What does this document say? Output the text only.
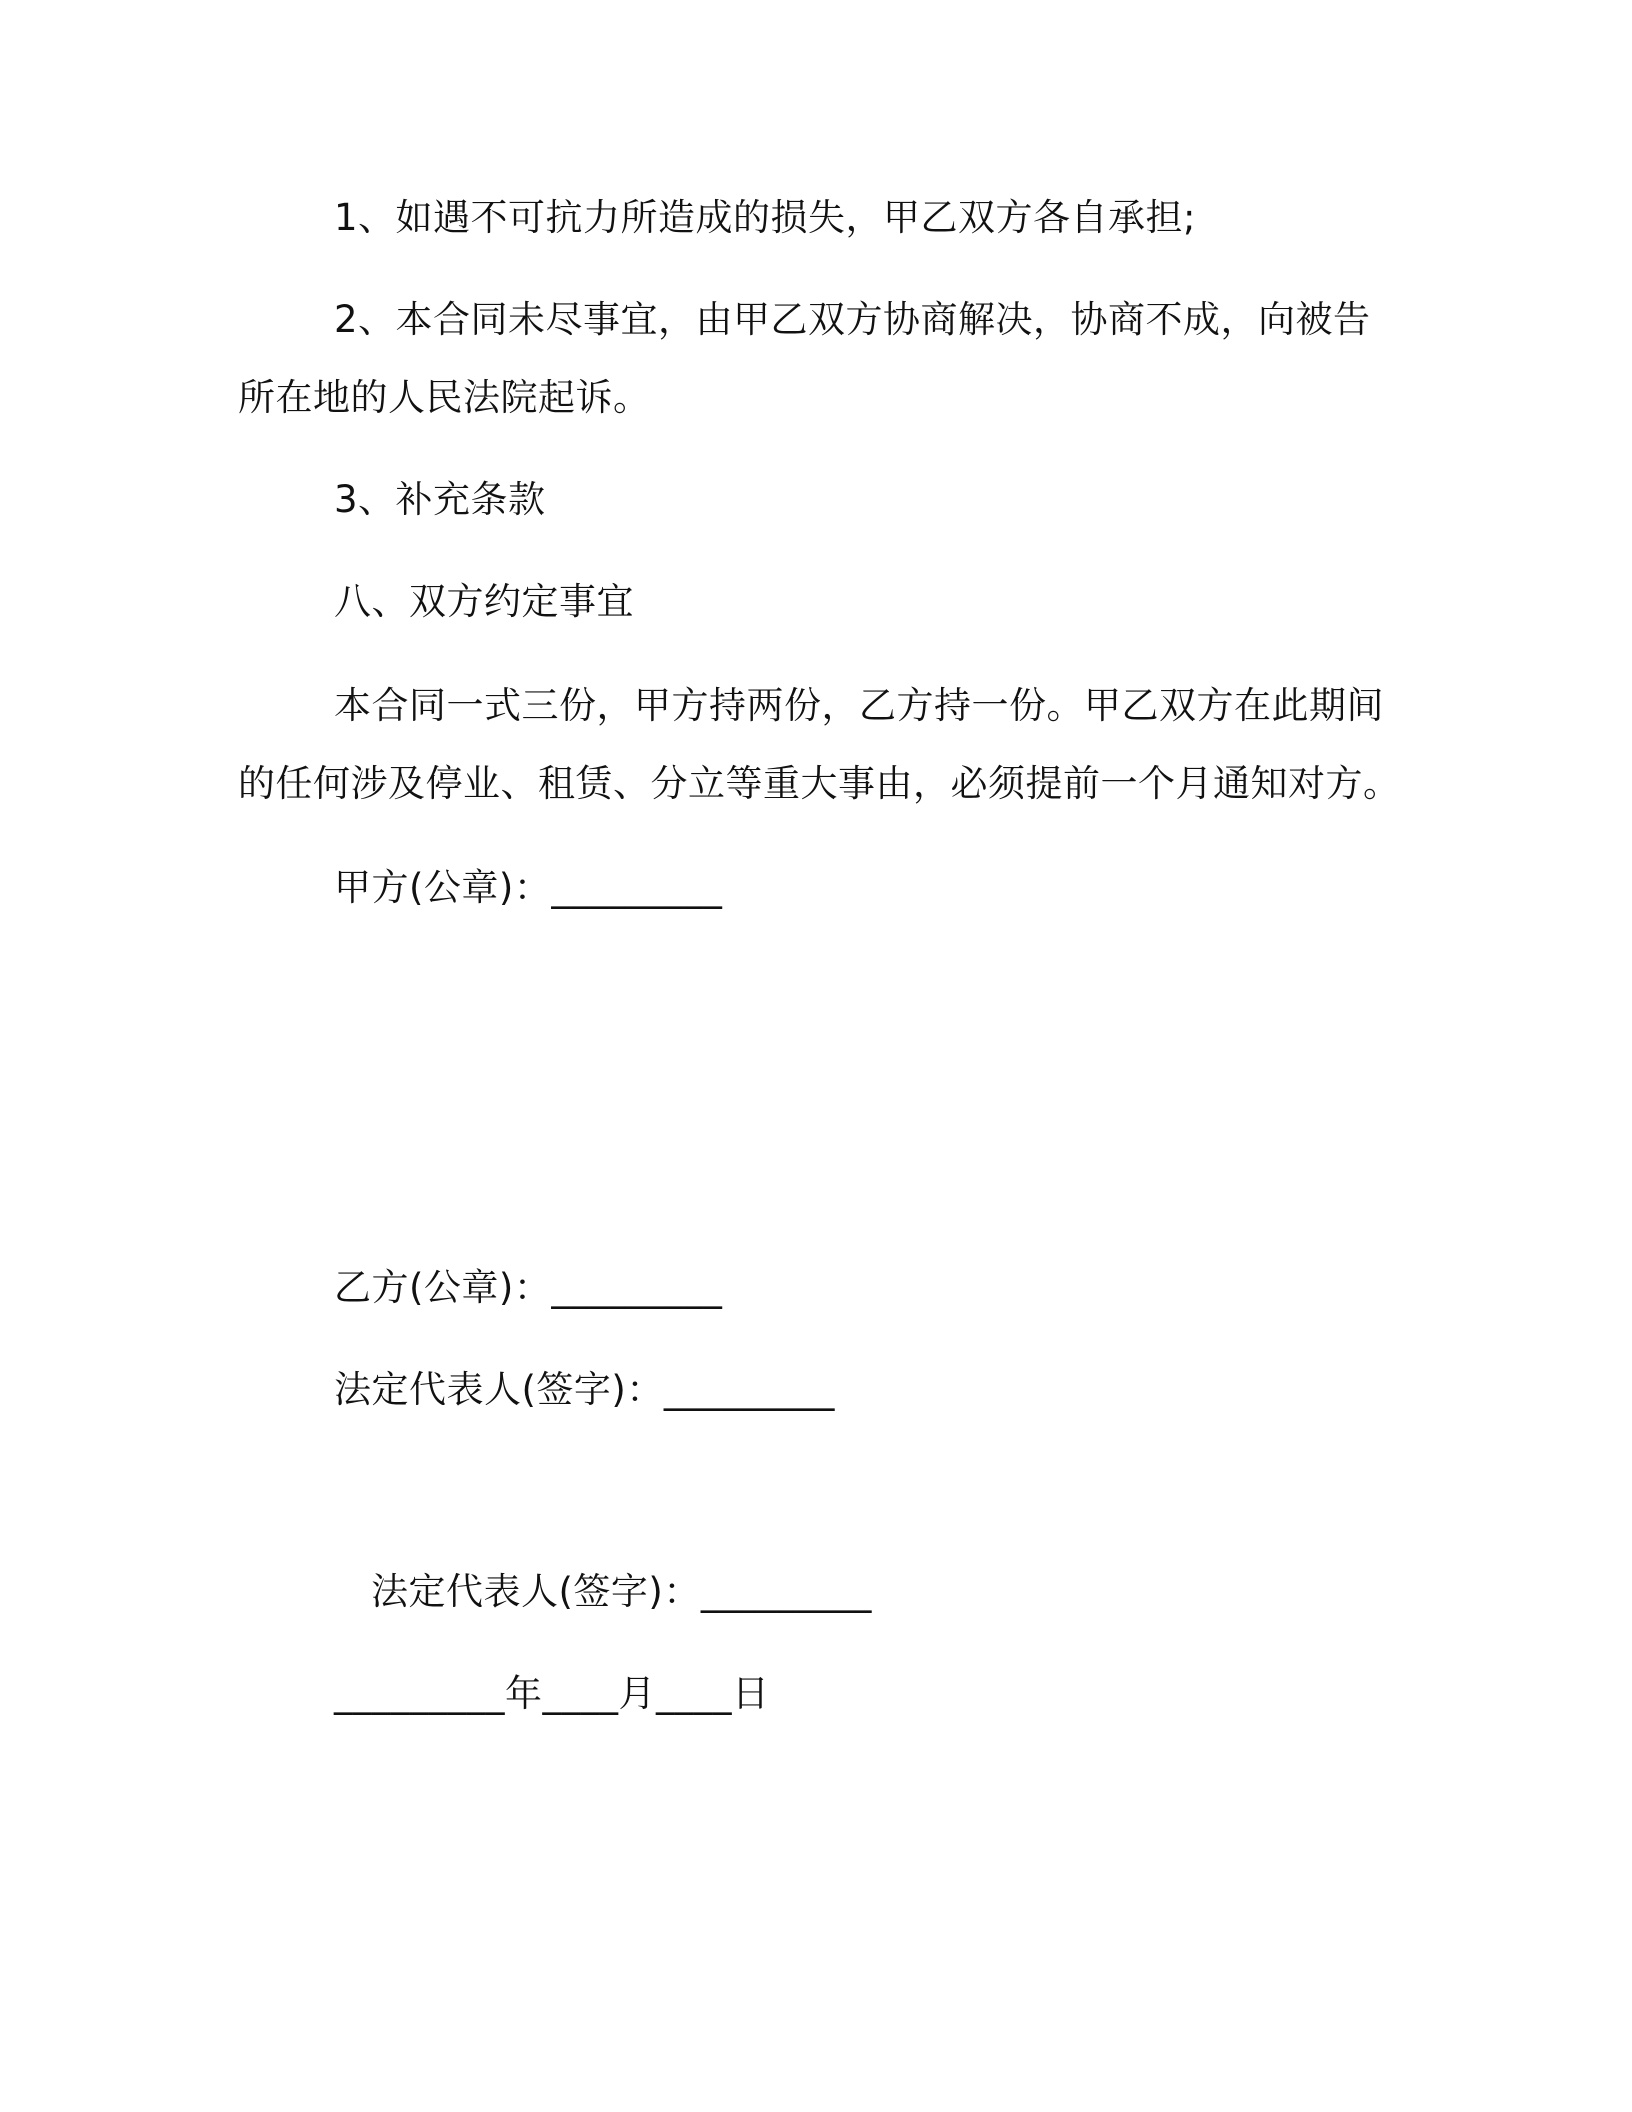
1、如遇不可抗力所造成的损失，甲乙双方各自承担;
2、本合同未尽事宜，由甲乙双方协商解决，协商不成，向被告
所在地的人民法院起诉。
3、补充条款
八、双方约定事宜
本合同一式三份，甲方持两份，乙方持一份。甲乙双方在此期间
的任何涉及停业、租赁、分立等重大事由，必须提前一个月通知对方。
甲方(公章)：_________
乙方(公章)：_________
法定代表人(签字)：_________
法定代表人(签字)：_________
_________年____月____日
